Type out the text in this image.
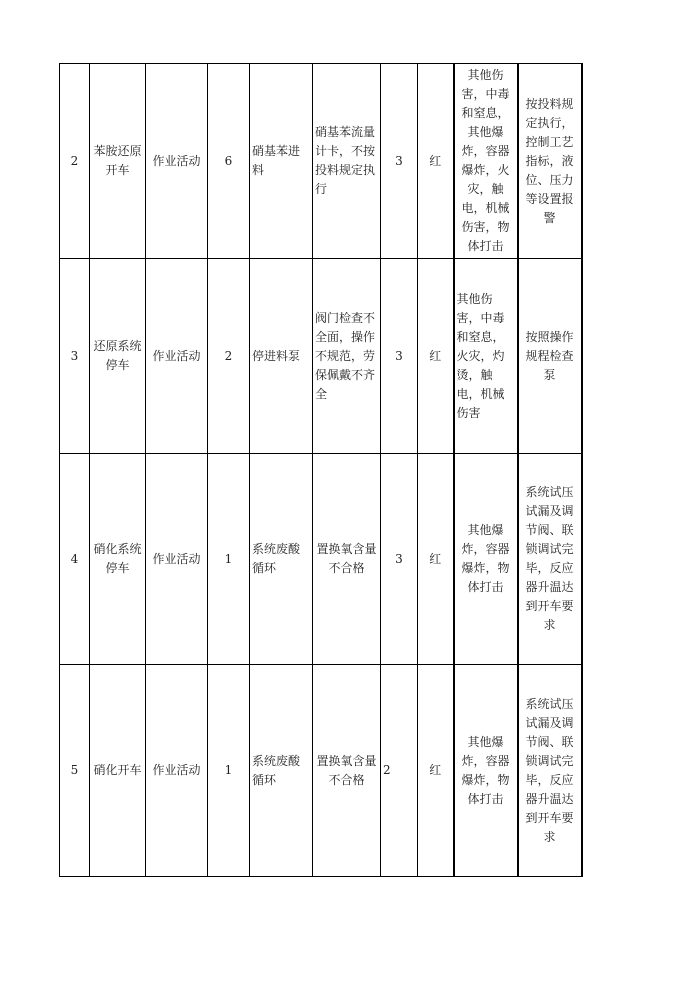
2	苯胺还原开车	作业活动	6	硝基苯进料	硝基苯流量计卡，不按投料规定执行	3	红	其他伤害，中毒和窒息，其他爆炸，容器爆炸，火灾，触电，机械伤害，物体打击	按投料规定执行，控制工艺指标，液位、压力等设置报警
3	还原系统停车	作业活动	2	停进料泵	阀门检查不全面，操作不规范，劳保佩戴不齐全	3	红	其他伤害，中毒和窒息，火灾，灼烫，触电，机械伤害	按照操作规程检查泵
4	硝化系统停车	作业活动	1	系统废酸循环	置换氧含量不合格	3	红	其他爆炸，容器爆炸，物体打击	系统试压试漏及调节阀、联锁调试完毕，反应器升温达到开车要求
5	硝化开车	作业活动	1	系统废酸循环	置换氧含量不合格	2	红	其他爆炸，容器爆炸，物体打击	系统试压试漏及调节阀、联锁调试完毕，反应器升温达到开车要求
